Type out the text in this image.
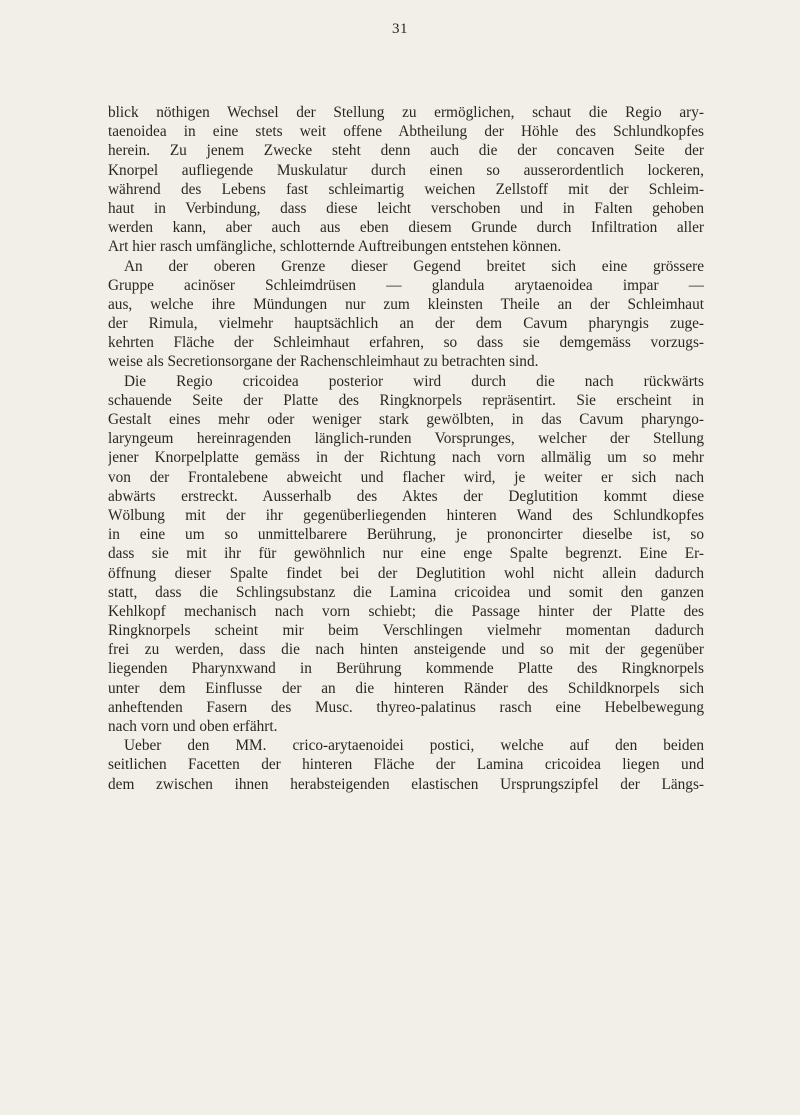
31
blick nöthigen Wechsel der Stellung zu ermöglichen, schaut die Regio ary-
taenoidea in eine stets weit offene Abtheilung der Höhle des Schlundkopfes
herein. Zu jenem Zwecke steht denn auch die der concaven Seite der
Knorpel aufliegende Muskulatur durch einen so ausserordentlich lockeren,
während des Lebens fast schleimartig weichen Zellstoff mit der Schleim-
haut in Verbindung, dass diese leicht verschoben und in Falten gehoben
werden kann, aber auch aus eben diesem Grunde durch Infiltration aller
Art hier rasch umfängliche, schlotternde Auftreibungen entstehen können.
An der oberen Grenze dieser Gegend breitet sich eine grössere
Gruppe acinöser Schleimdrüsen — glandula arytaenoidea impar —
aus, welche ihre Mündungen nur zum kleinsten Theile an der Schleimhaut
der Rimula, vielmehr hauptsächlich an der dem Cavum pharyngis zuge-
kehrten Fläche der Schleimhaut erfahren, so dass sie demgemäss vorzugs-
weise als Secretionsorgane der Rachenschleimhaut zu betrachten sind.
Die Regio cricoidea posterior wird durch die nach rückwärts
schauende Seite der Platte des Ringknorpels repräsentirt. Sie erscheint in
Gestalt eines mehr oder weniger stark gewölbten, in das Cavum pharyngo-
laryngeum hereinragenden länglich-runden Vorsprunges, welcher der Stellung
jener Knorpelplatte gemäss in der Richtung nach vorn allmälig um so mehr
von der Frontalebene abweicht und flacher wird, je weiter er sich nach
abwärts erstreckt. Ausserhalb des Aktes der Deglutition kommt diese
Wölbung mit der ihr gegenüberliegenden hinteren Wand des Schlundkopfes
in eine um so unmittelbarere Berührung, je prononcirter dieselbe ist, so
dass sie mit ihr für gewöhnlich nur eine enge Spalte begrenzt. Eine Er-
öffnung dieser Spalte findet bei der Deglutition wohl nicht allein dadurch
statt, dass die Schlingsubstanz die Lamina cricoidea und somit den ganzen
Kehlkopf mechanisch nach vorn schiebt; die Passage hinter der Platte des
Ringknorpels scheint mir beim Verschlingen vielmehr momentan dadurch
frei zu werden, dass die nach hinten ansteigende und so mit der gegenüber
liegenden Pharynxwand in Berührung kommende Platte des Ringknorpels
unter dem Einflusse der an die hinteren Ränder des Schildknorpels sich
anheftenden Fasern des Musc. thyreo-palatinus rasch eine Hebelbewegung
nach vorn und oben erfährt.
Ueber den MM. crico-arytaenoidei postici, welche auf den beiden
seitlichen Facetten der hinteren Fläche der Lamina cricoidea liegen und
dem zwischen ihnen herabsteigenden elastischen Ursprungszipfel der Längs-
